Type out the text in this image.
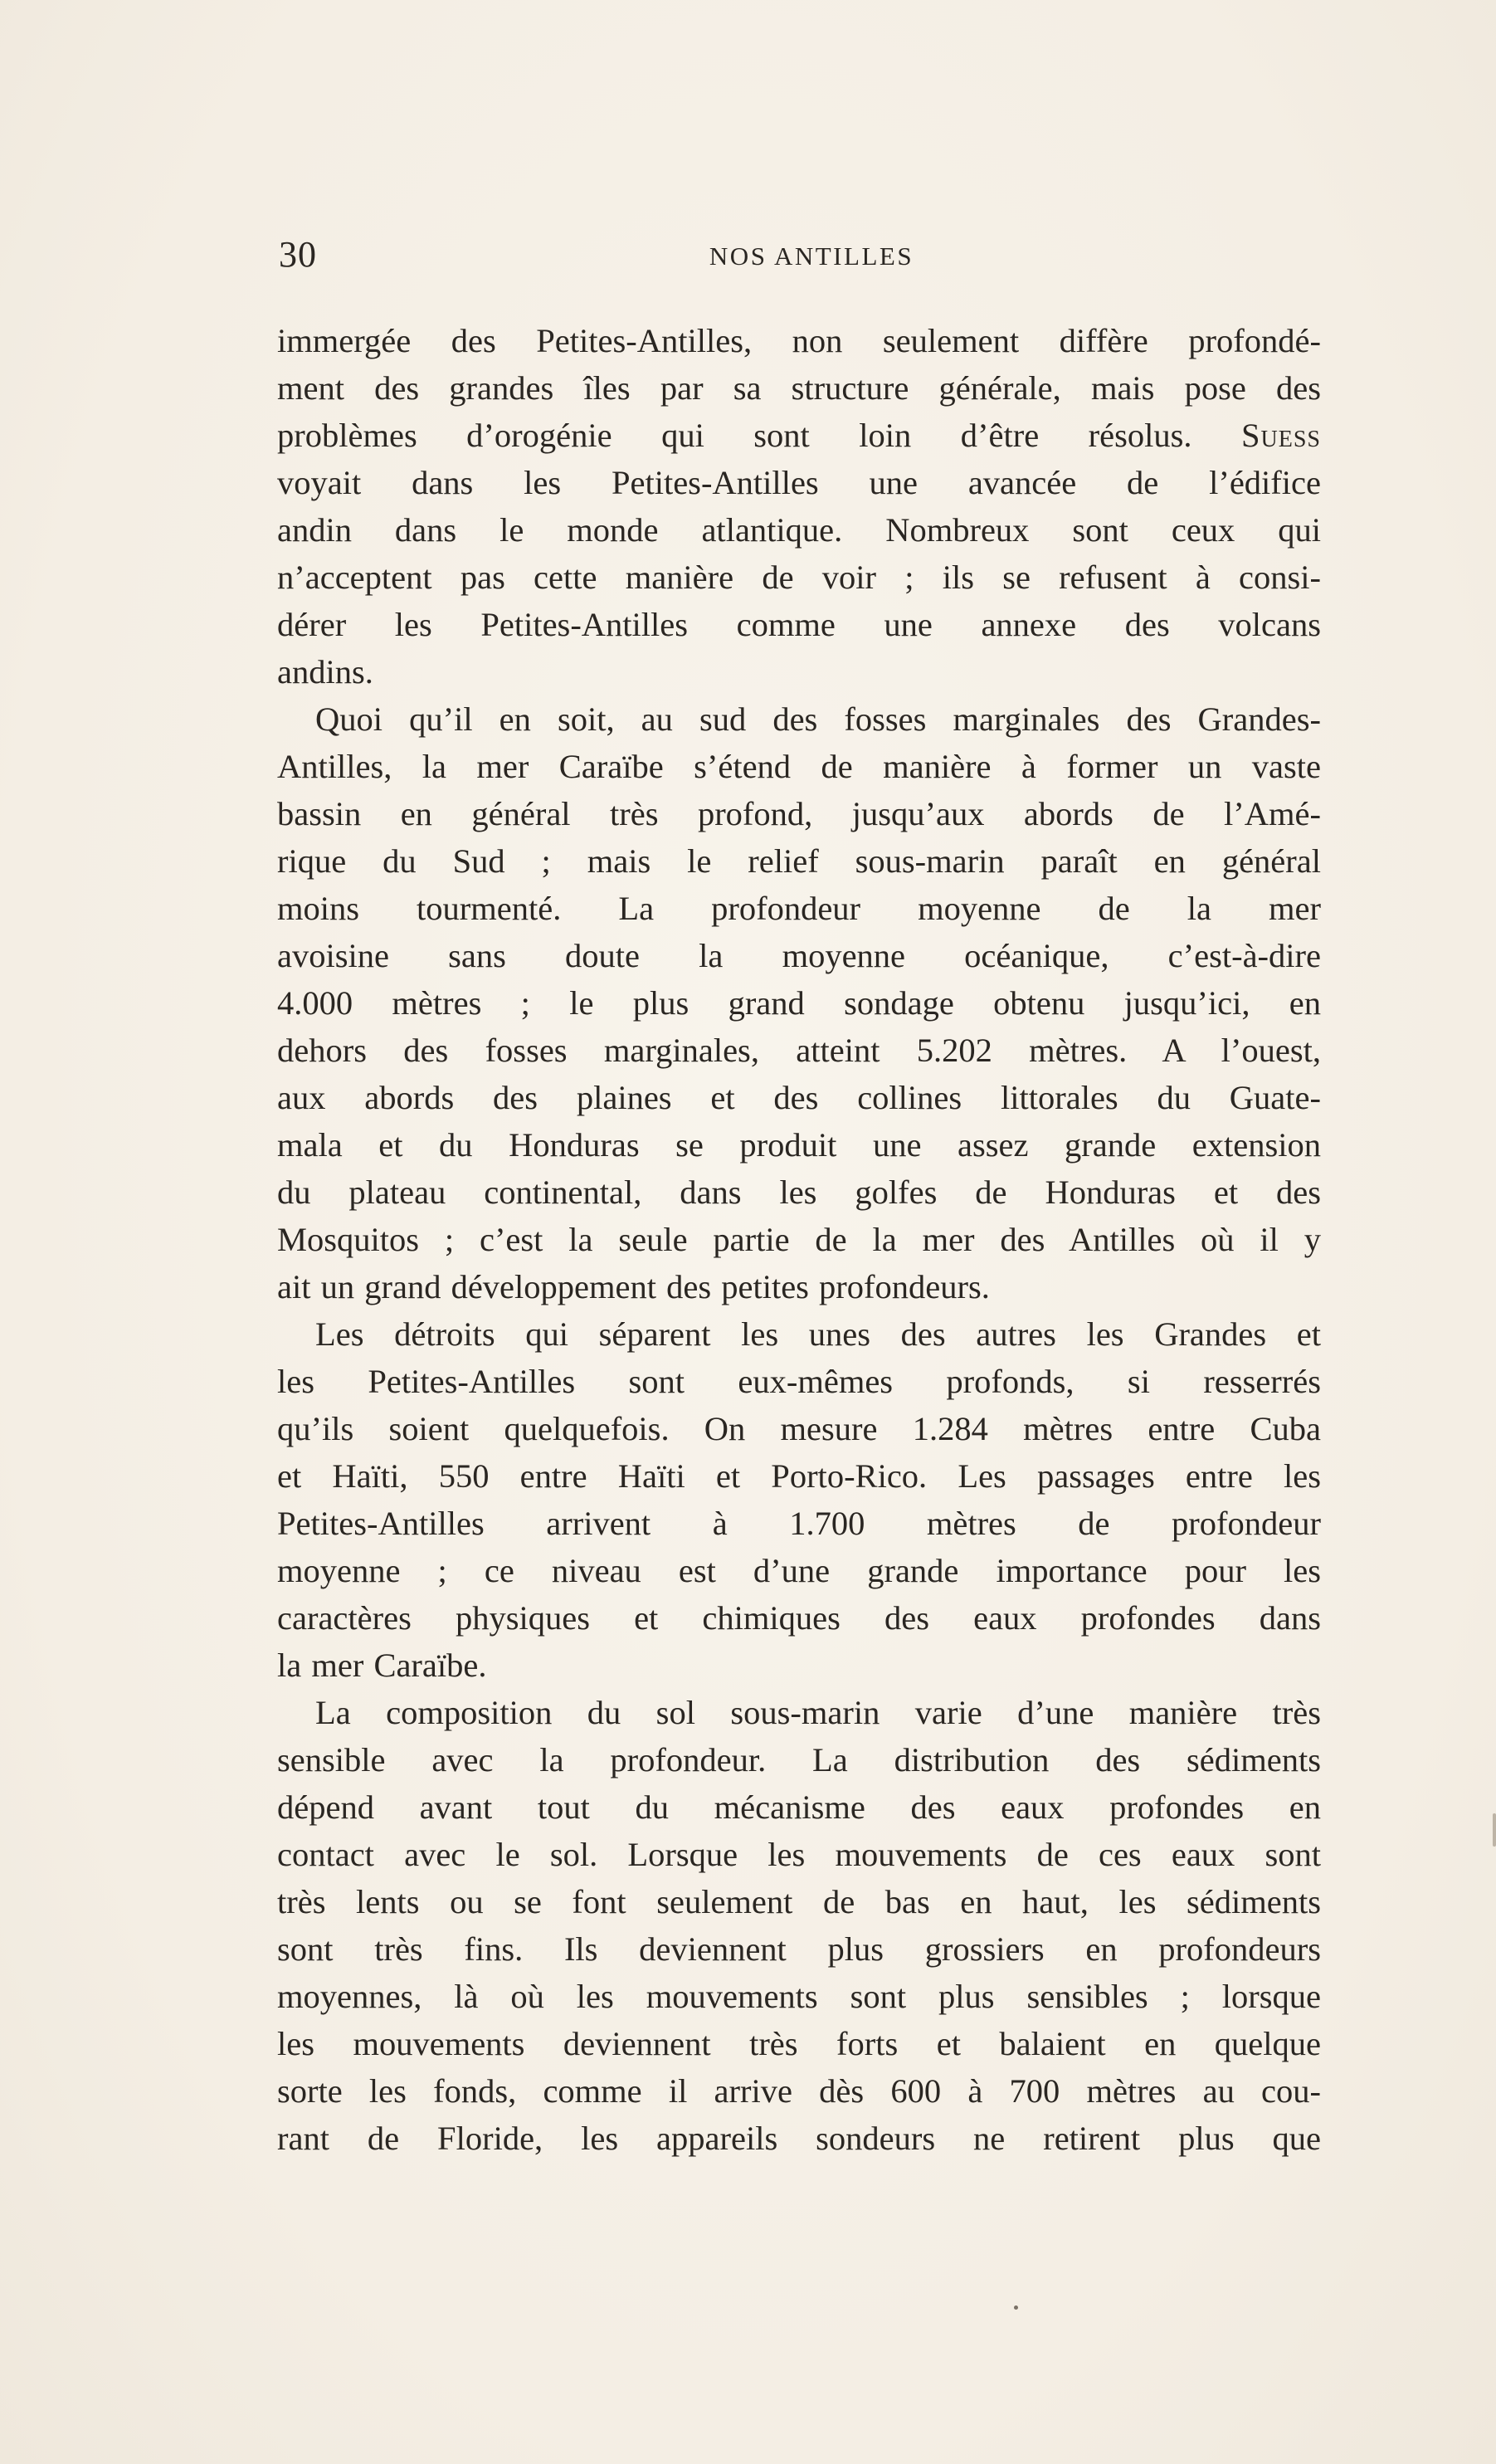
30	NOS ANTILLES
immergée des Petites-Antilles, non seulement diffère profondé-
ment des grandes îles par sa structure générale, mais pose des
problèmes d’orogénie qui sont loin d’être résolus. Suess
voyait dans les Petites-Antilles une avancée de l’édifice
andin dans le monde atlantique. Nombreux sont ceux qui
n’acceptent pas cette manière de voir ; ils se refusent à consi-
dérer les Petites-Antilles comme une annexe des volcans
andins.
Quoi qu’il en soit, au sud des fosses marginales des Grandes-
Antilles, la mer Caraïbe s’étend de manière à former un vaste
bassin en général très profond, jusqu’aux abords de l’Amé-
rique du Sud ; mais le relief sous-marin paraît en général
moins tourmenté. La profondeur moyenne de la mer
avoisine sans doute la moyenne océanique, c’est-à-dire
4.000 mètres ; le plus grand sondage obtenu jusqu’ici, en
dehors des fosses marginales, atteint 5.202 mètres. A l’ouest,
aux abords des plaines et des collines littorales du Guate-
mala et du Honduras se produit une assez grande extension
du plateau continental, dans les golfes de Honduras et des
Mosquitos ; c’est la seule partie de la mer des Antilles où il y
ait un grand développement des petites profondeurs.
Les détroits qui séparent les unes des autres les Grandes et
les Petites-Antilles sont eux-mêmes profonds, si resserrés
qu’ils soient quelquefois. On mesure 1.284 mètres entre Cuba
et Haïti, 550 entre Haïti et Porto-Rico. Les passages entre les
Petites-Antilles arrivent à 1.700 mètres de profondeur
moyenne ; ce niveau est d’une grande importance pour les
caractères physiques et chimiques des eaux profondes dans
la mer Caraïbe.
La composition du sol sous-marin varie d’une manière très
sensible avec la profondeur. La distribution des sédiments
dépend avant tout du mécanisme des eaux profondes en
contact avec le sol. Lorsque les mouvements de ces eaux sont
très lents ou se font seulement de bas en haut, les sédiments
sont très fins. Ils deviennent plus grossiers en profondeurs
moyennes, là où les mouvements sont plus sensibles ; lorsque
les mouvements deviennent très forts et balaient en quelque
sorte les fonds, comme il arrive dès 600 à 700 mètres au cou-
rant de Floride, les appareils sondeurs ne retirent plus que
